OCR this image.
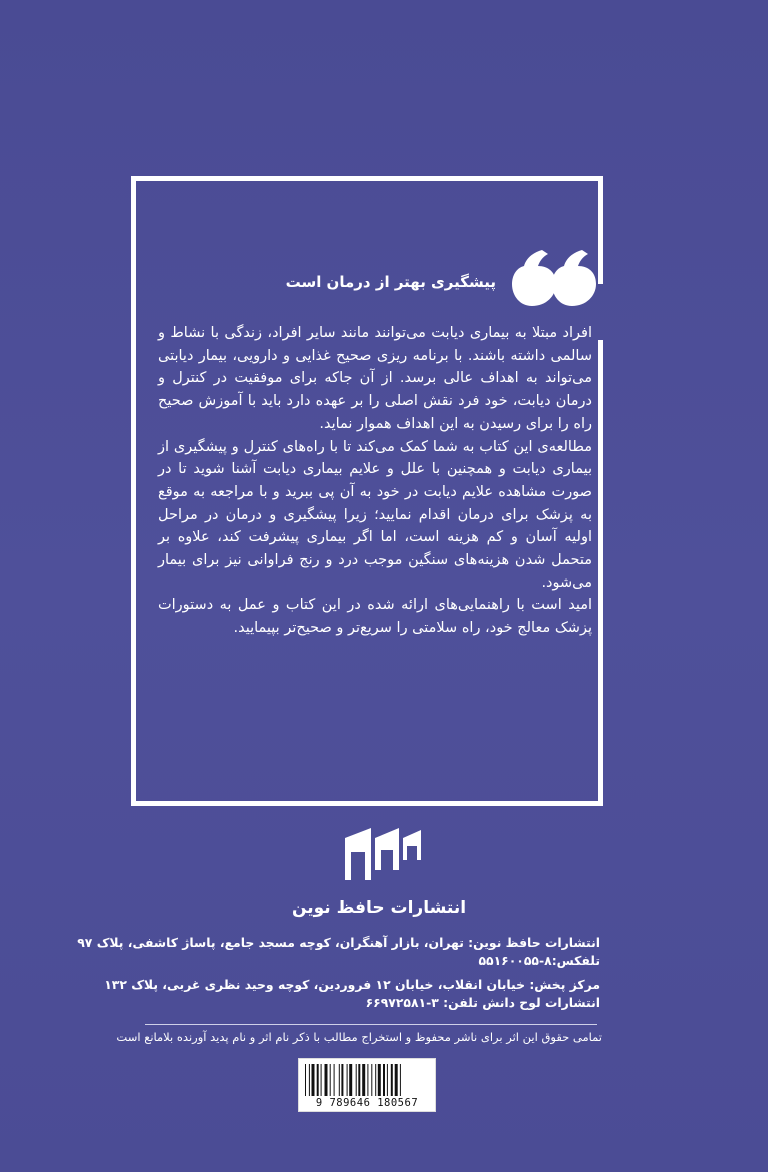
پیشگیری بهتر از درمان است

افراد مبتلا به بیماری دیابت می‌توانند مانند سایر افراد، زندگی با نشاط و سالمی داشته باشند. با برنامه ریزی صحیح غذایی و دارویی، بیمار دیابتی می‌تواند به اهداف عالی برسد. از آن جاکه برای موفقیت در کنترل و درمان دیابت، خود فرد نقش اصلی را بر عهده دارد باید با آموزش صحیح راه را برای رسیدن به این اهداف هموار نماید.

مطالعه‌ی این کتاب به شما کمک می‌کند تا با راه‌های کنترل و پیشگیری از بیماری دیابت و همچنین با علل و علایم بیماری دیابت آشنا شوید تا در صورت مشاهده علایم دیابت در خود به آن پی ببرید و با مراجعه به موقع به پزشک برای درمان اقدام نمایید؛ زیرا پیشگیری و درمان در مراحل اولیه آسان و کم هزینه است، اما اگر بیماری پیشرفت کند، علاوه بر متحمل شدن هزینه‌های سنگین موجب درد و رنج فراوانی نیز برای بیمار می‌شود.

امید است با راهنمایی‌های ارائه شده در این کتاب و عمل به دستورات پزشک معالج خود، راه سلامتی را سریع‌تر و صحیح‌تر بپیمایید.

انتشارات حافظ نوین
انتشارات حافظ نوین: تهران، بازار آهنگران، کوچه مسجد جامع، پاساژ کاشفی، پلاک ۹۷
تلفکس:۸-۵۵۱۶۰۰۵۵
مرکز پخش: خیابان انقلاب، خیابان ۱۲ فروردین، کوچه وحید نظری غربی، پلاک ۱۳۲
انتشارات لوح دانش تلفن: ۳-۶۶۹۷۲۵۸۱
تمامی حقوق این اثر برای ناشر محفوظ و استخراج مطالب با ذکر نام اثر و نام پدید آورنده بلامانع است
9 789646 180567
